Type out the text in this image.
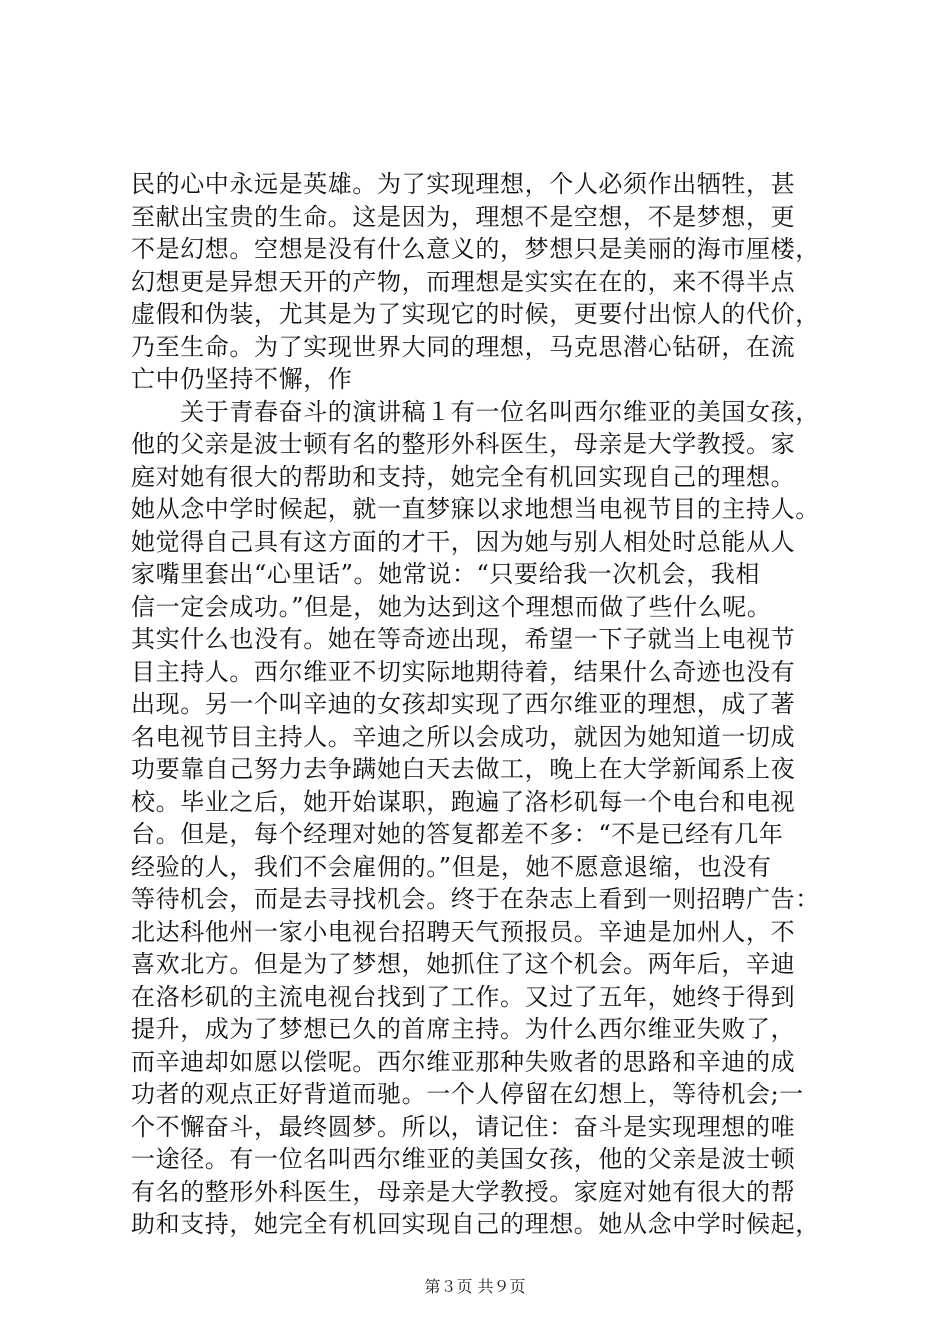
民的心中永远是英雄。为了实现理想，个人必须作出牺牲，甚
至献出宝贵的生命。这是因为，理想不是空想，不是梦想，更
不是幻想。空想是没有什么意义的，梦想只是美丽的海市厘楼，
幻想更是异想天开的产物，而理想是实实在在的，来不得半点
虚假和伪装，尤其是为了实现它的时候，更要付出惊人的代价，
乃至生命。为了实现世界大同的理想，马克思潜心钻研，在流
亡中仍坚持不懈，作
　　关于青春奋斗的演讲稿１有一位名叫西尔维亚的美国女孩，
他的父亲是波士顿有名的整形外科医生，母亲是大学教授。家
庭对她有很大的帮助和支持，她完全有机回实现自己的理想。
她从念中学时候起，就一直梦寐以求地想当电视节目的主持人。
她觉得自己具有这方面的才干，因为她与别人相处时总能从人
家嘴里套出“心里话”。她常说：“只要给我一次机会，我相
信一定会成功。”但是，她为达到这个理想而做了些什么呢。
其实什么也没有。她在等奇迹出现，希望一下子就当上电视节
目主持人。西尔维亚不切实际地期待着，结果什么奇迹也没有
出现。另一个叫辛迪的女孩却实现了西尔维亚的理想，成了著
名电视节目主持人。辛迪之所以会成功，就因为她知道一切成
功要靠自己努力去争蹒她白天去做工，晚上在大学新闻系上夜
校。毕业之后，她开始谋职，跑遍了洛杉矶每一个电台和电视
台。但是，每个经理对她的答复都差不多：“不是已经有几年
经验的人，我们不会雇佣的。”但是，她不愿意退缩，也没有
等待机会，而是去寻找机会。终于在杂志上看到一则招聘广告：
北达科他州一家小电视台招聘天气预报员。辛迪是加州人，不
喜欢北方。但是为了梦想，她抓住了这个机会。两年后，辛迪
在洛杉矶的主流电视台找到了工作。又过了五年，她终于得到
提升，成为了梦想已久的首席主持。为什么西尔维亚失败了，
而辛迪却如愿以偿呢。西尔维亚那种失败者的思路和辛迪的成
功者的观点正好背道而驰。一个人停留在幻想上，等待机会;一
个不懈奋斗，最终圆梦。所以，请记住：奋斗是实现理想的唯
一途径。有一位名叫西尔维亚的美国女孩，他的父亲是波士顿
有名的整形外科医生，母亲是大学教授。家庭对她有很大的帮
助和支持，她完全有机回实现自己的理想。她从念中学时候起，
第３页 共９页
